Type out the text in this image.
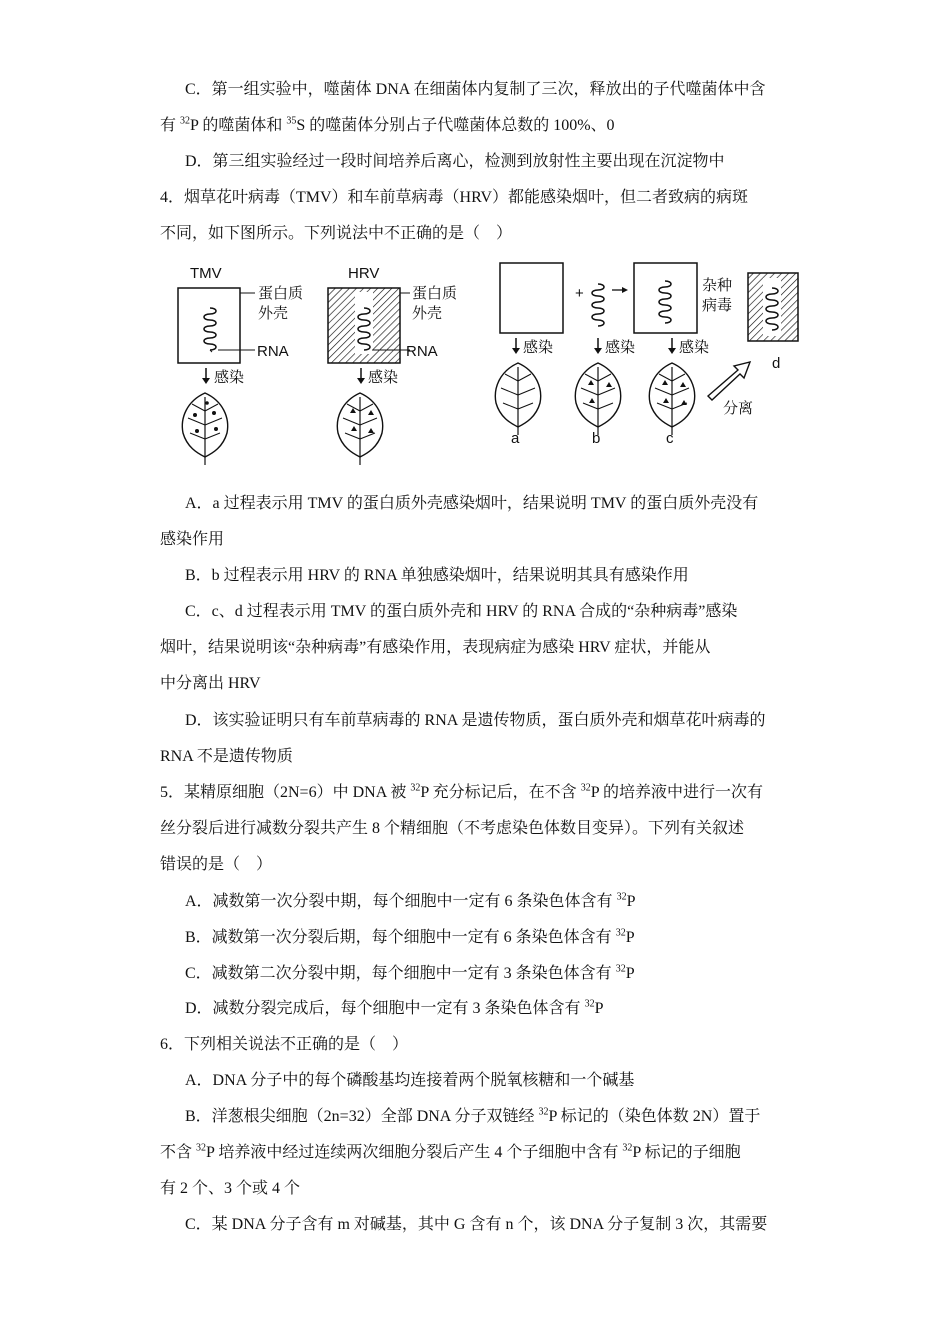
C．第一组实验中，噬菌体 DNA 在细菌体内复制了三次，释放出的子代噬菌体中含
有 $^{32}$P 的噬菌体和 $^{35}$S 的噬菌体分别占子代噬菌体总数的 100%、0
D．第三组实验经过一段时间培养后离心，检测到放射性主要出现在沉淀物中
4．烟草花叶病毒（TMV）和车前草病毒（HRV）都能感染烟叶，但二者致病的病斑
不同，如下图所示。下列说法中不正确的是（　）
TMV
蛋白质
外壳
RNA
感染
HRV
蛋白质
外壳
RNA
感染
+	杂种
病毒
d
感染	感染	感染
分离
a	b	c
A．a 过程表示用 TMV 的蛋白质外壳感染烟叶，结果说明 TMV 的蛋白质外壳没有
感染作用
B．b 过程表示用 HRV 的 RNA 单独感染烟叶，结果说明其具有感染作用
C．c、d 过程表示用 TMV 的蛋白质外壳和 HRV 的 RNA 合成的“杂种病毒”感染
烟叶，结果说明该“杂种病毒”有感染作用，表现病症为感染 HRV 症状，并能从
中分离出 HRV
D．该实验证明只有车前草病毒的 RNA 是遗传物质，蛋白质外壳和烟草花叶病毒的
RNA 不是遗传物质
5．某精原细胞（2N=6）中 DNA 被 $^{32}$P 充分标记后，在不含 $^{32}$P 的培养液中进行一次有
丝分裂后进行减数分裂共产生 8 个精细胞（不考虑染色体数目变异）。下列有关叙述
错误的是（　）
A．减数第一次分裂中期，每个细胞中一定有 6 条染色体含有 $^{32}$P
B．减数第一次分裂后期，每个细胞中一定有 6 条染色体含有 $^{32}$P
C．减数第二次分裂中期，每个细胞中一定有 3 条染色体含有 $^{32}$P
D．减数分裂完成后，每个细胞中一定有 3 条染色体含有 $^{32}$P
6．下列相关说法不正确的是（　）
A．DNA 分子中的每个磷酸基均连接着两个脱氧核糖和一个碱基
B．洋葱根尖细胞（2n=32）全部 DNA 分子双链经 $^{32}$P 标记的（染色体数 2N）置于
不含 $^{32}$P 培养液中经过连续两次细胞分裂后产生 4 个子细胞中含有 $^{32}$P 标记的子细胞
有 2 个、3 个或 4 个
C．某 DNA 分子含有 m 对碱基，其中 G 含有 n 个，该 DNA 分子复制 3 次，其需要
